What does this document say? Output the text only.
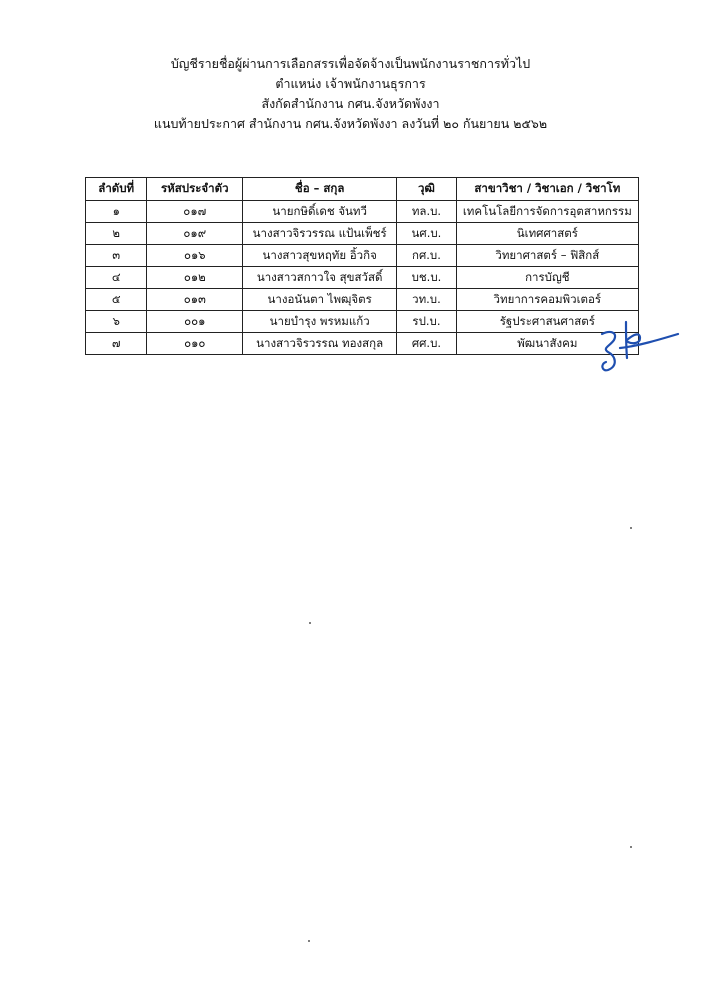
บัญชีรายชื่อผู้ผ่านการเลือกสรรเพื่อจัดจ้างเป็นพนักงานราชการทั่วไป
ตำแหน่ง เจ้าพนักงานธุรการ
สังกัดสำนักงาน กศน.จังหวัดพังงา
แนบท้ายประกาศ สำนักงาน กศน.จังหวัดพังงา ลงวันที่ ๒๐ กันยายน ๒๕๖๒
ลำดับที่	รหัสประจำตัว	ชื่อ – สกุล	วุฒิ	สาขาวิชา / วิชาเอก / วิชาโท
๑	๐๑๗	นายกษิดิ์เดช จันทวี	ทล.บ.	เทคโนโลยีการจัดการอุตสาหกรรม
๒	๐๑๙	นางสาวจิรวรรณ แป้นเพ็ชร์	นศ.บ.	นิเทศศาสตร์
๓	๐๑๖	นางสาวสุขหฤทัย อิ้วกิจ	กศ.บ.	วิทยาศาสตร์ – ฟิสิกส์
๔	๐๑๒	นางสาวสกาวใจ สุขสวัสดิ์	บช.บ.	การบัญชี
๕	๐๑๓	นางอนันตา ไพฒุจิตร	วท.บ.	วิทยาการคอมพิวเตอร์
๖	๐๐๑	นายบำรุง พรหมแก้ว	รป.บ.	รัฐประศาสนศาสตร์
๗	๐๑๐	นางสาวจิรวรรณ ทองสกุล	ศศ.บ.	พัฒนาสังคม
